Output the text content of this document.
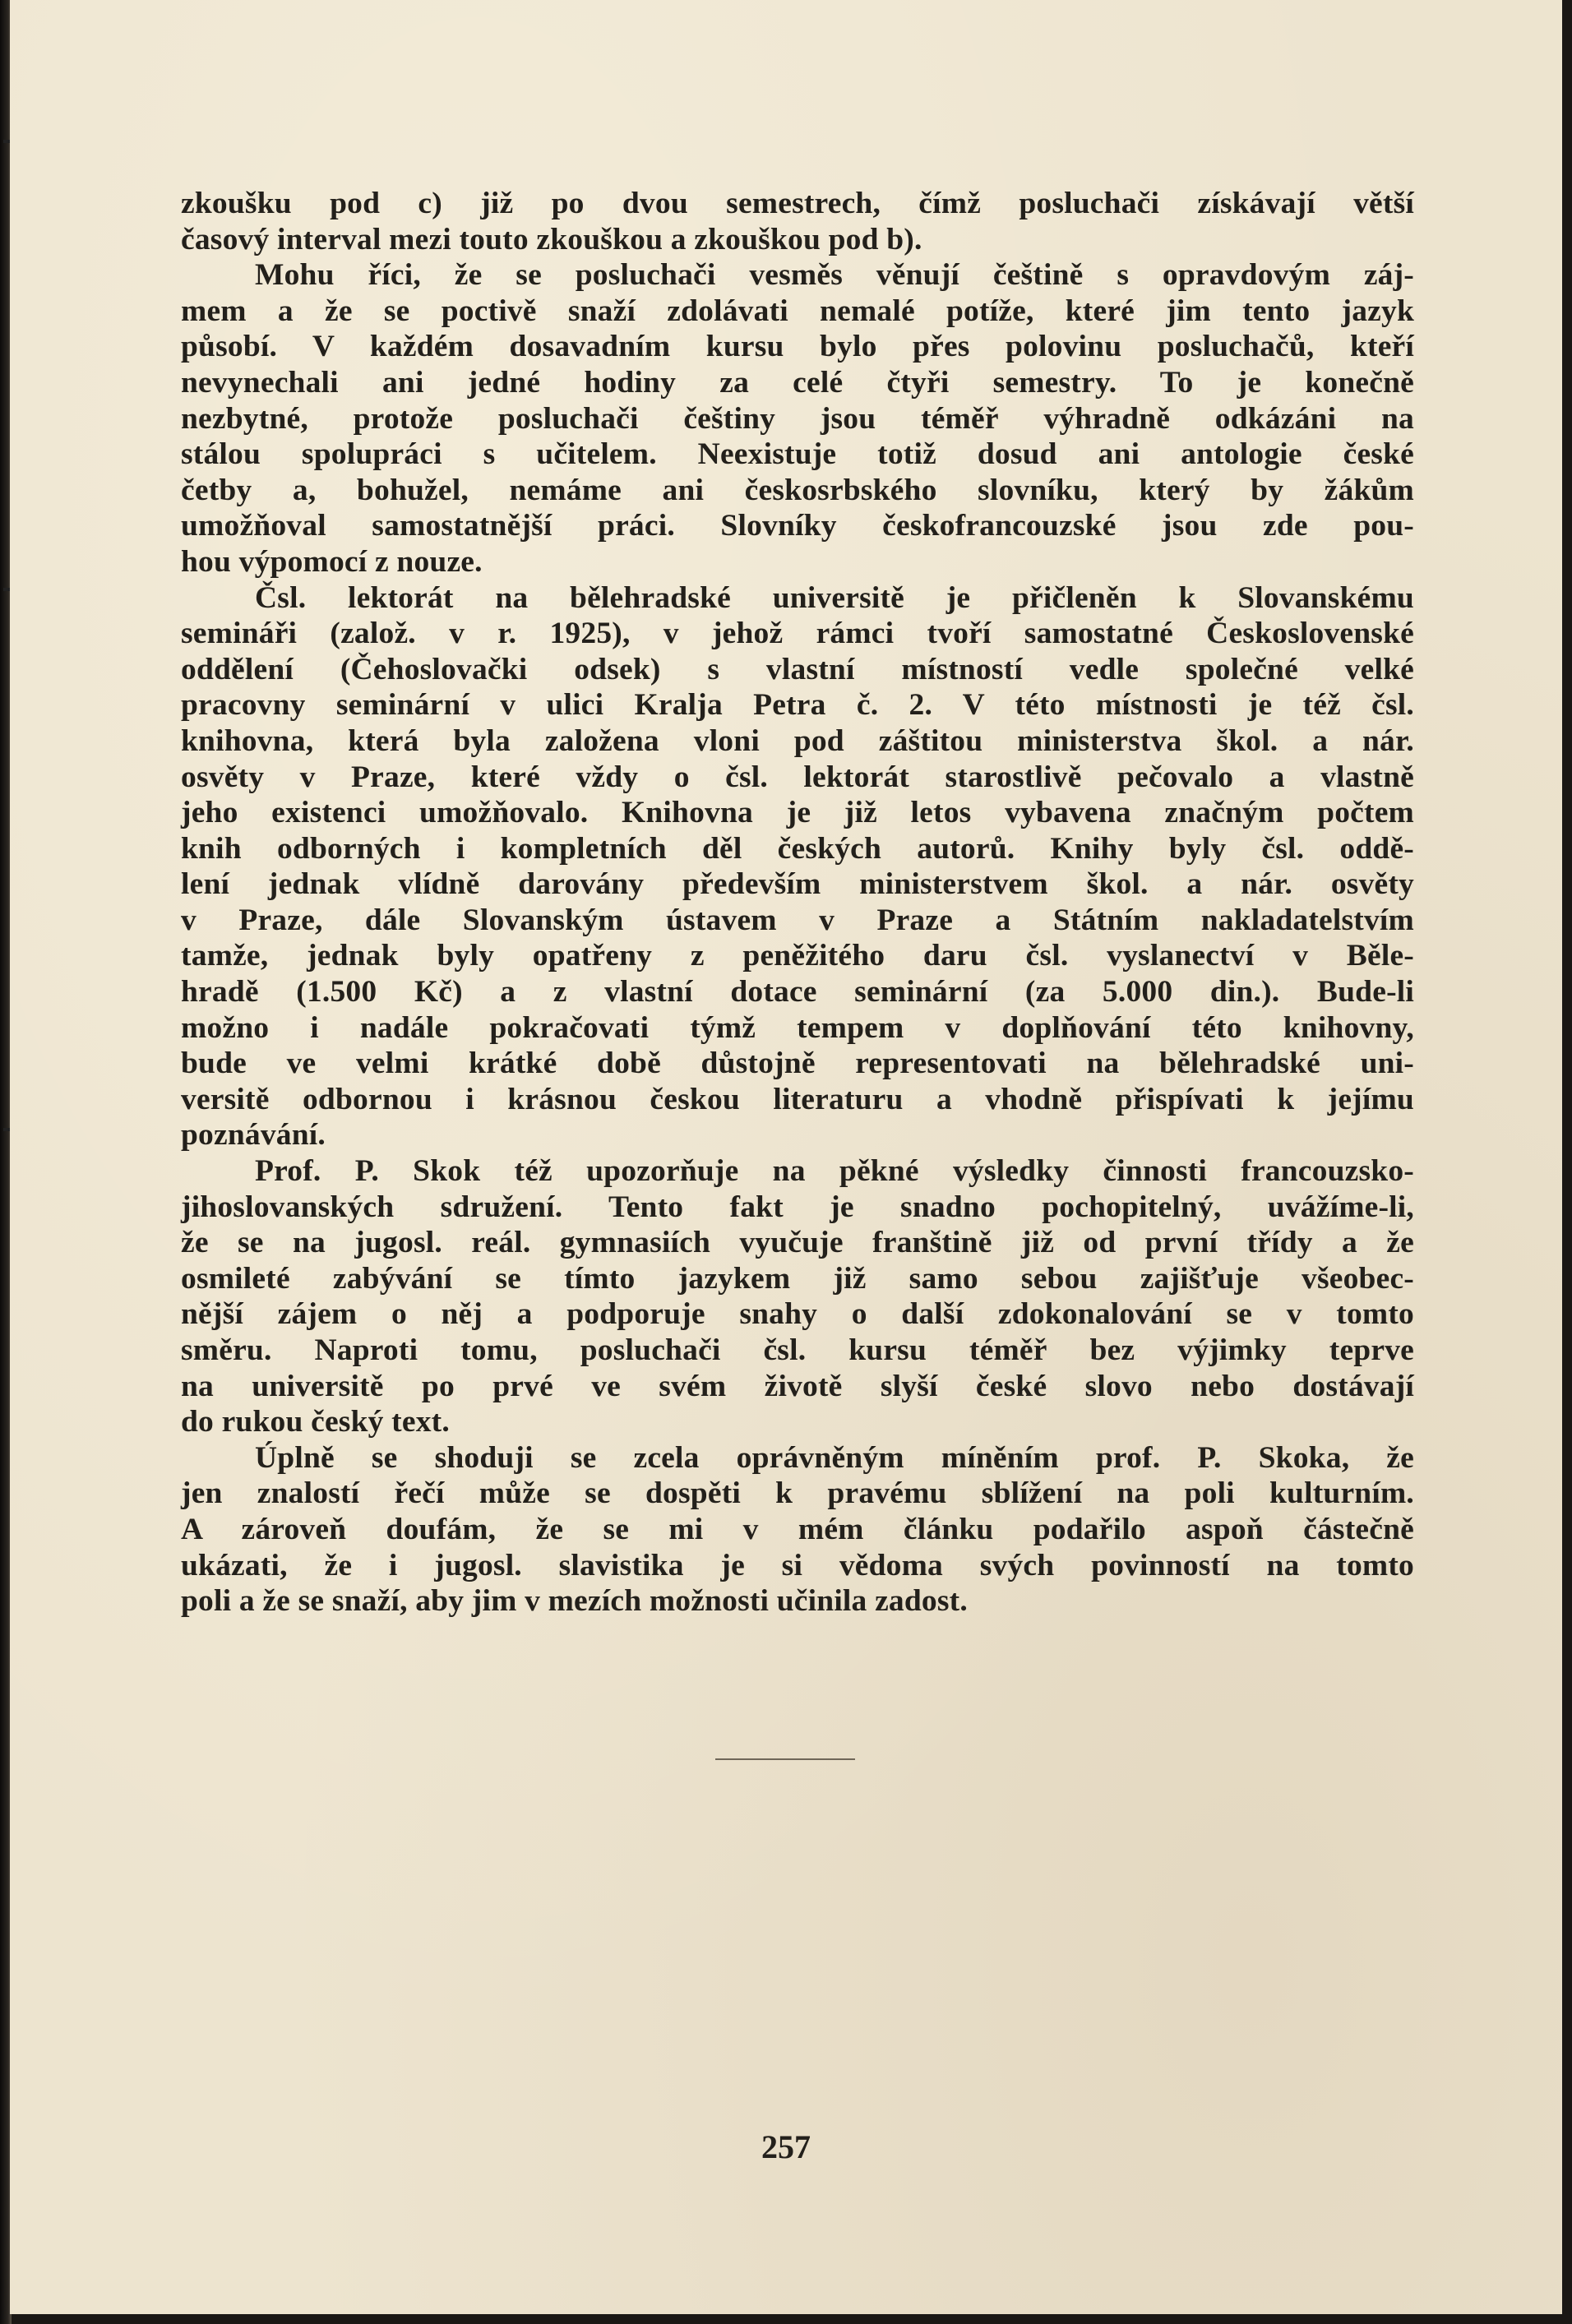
zkoušku pod c) již po dvou semestrech, čímž posluchači získávají větší
časový interval mezi touto zkouškou a zkouškou pod b).
Mohu říci, že se posluchači vesměs věnují češtině s opravdovým záj-
mem a že se poctivě snaží zdolávati nemalé potíže, které jim tento jazyk
působí. V každém dosavadním kursu bylo přes polovinu posluchačů, kteří
nevynechali ani jedné hodiny za celé čtyři semestry. To je konečně
nezbytné, protože posluchači češtiny jsou téměř výhradně odkázáni na
stálou spolupráci s učitelem. Neexistuje totiž dosud ani antologie české
četby a, bohužel, nemáme ani českosrbského slovníku, který by žákům
umožňoval samostatnější práci. Slovníky českofrancouzské jsou zde pou-
hou výpomocí z nouze.
Čsl. lektorát na bělehradské universitě je přičleněn k Slovanskému
semináři (založ. v r. 1925), v jehož rámci tvoří samostatné Československé
oddělení (Čehoslovački odsek) s vlastní místností vedle společné velké
pracovny seminární v ulici Kralja Petra č. 2. V této místnosti je též čsl.
knihovna, která byla založena vloni pod záštitou ministerstva škol. a nár.
osvěty v Praze, které vždy o čsl. lektorát starostlivě pečovalo a vlastně
jeho existenci umožňovalo. Knihovna je již letos vybavena značným počtem
knih odborných i kompletních děl českých autorů. Knihy byly čsl. oddě-
lení jednak vlídně darovány především ministerstvem škol. a nár. osvěty
v Praze, dále Slovanským ústavem v Praze a Státním nakladatelstvím
tamže, jednak byly opatřeny z peněžitého daru čsl. vyslanectví v Běle-
hradě (1.500 Kč) a z vlastní dotace seminární (za 5.000 din.). Bude-li
možno i nadále pokračovati týmž tempem v doplňování této knihovny,
bude ve velmi krátké době důstojně representovati na bělehradské uni-
versitě odbornou i krásnou českou literaturu a vhodně přispívati k jejímu
poznávání.
Prof. P. Skok též upozorňuje na pěkné výsledky činnosti francouzsko-
jihoslovanských sdružení. Tento fakt je snadno pochopitelný, uvážíme-li,
že se na jugosl. reál. gymnasiích vyučuje franštině již od první třídy a že
osmileté zabývání se tímto jazykem již samo sebou zajišťuje všeobec-
nější zájem o něj a podporuje snahy o další zdokonalování se v tomto
směru. Naproti tomu, posluchači čsl. kursu téměř bez výjimky teprve
na universitě po prvé ve svém životě slyší české slovo nebo dostávají
do rukou český text.
Úplně se shoduji se zcela oprávněným míněním prof. P. Skoka, že
jen znalostí řečí může se dospěti k pravému sblížení na poli kulturním.
A zároveň doufám, že se mi v mém článku podařilo aspoň částečně
ukázati, že i jugosl. slavistika je si vědoma svých povinností na tomto
poli a že se snaží, aby jim v mezích možnosti učinila zadost.
257
